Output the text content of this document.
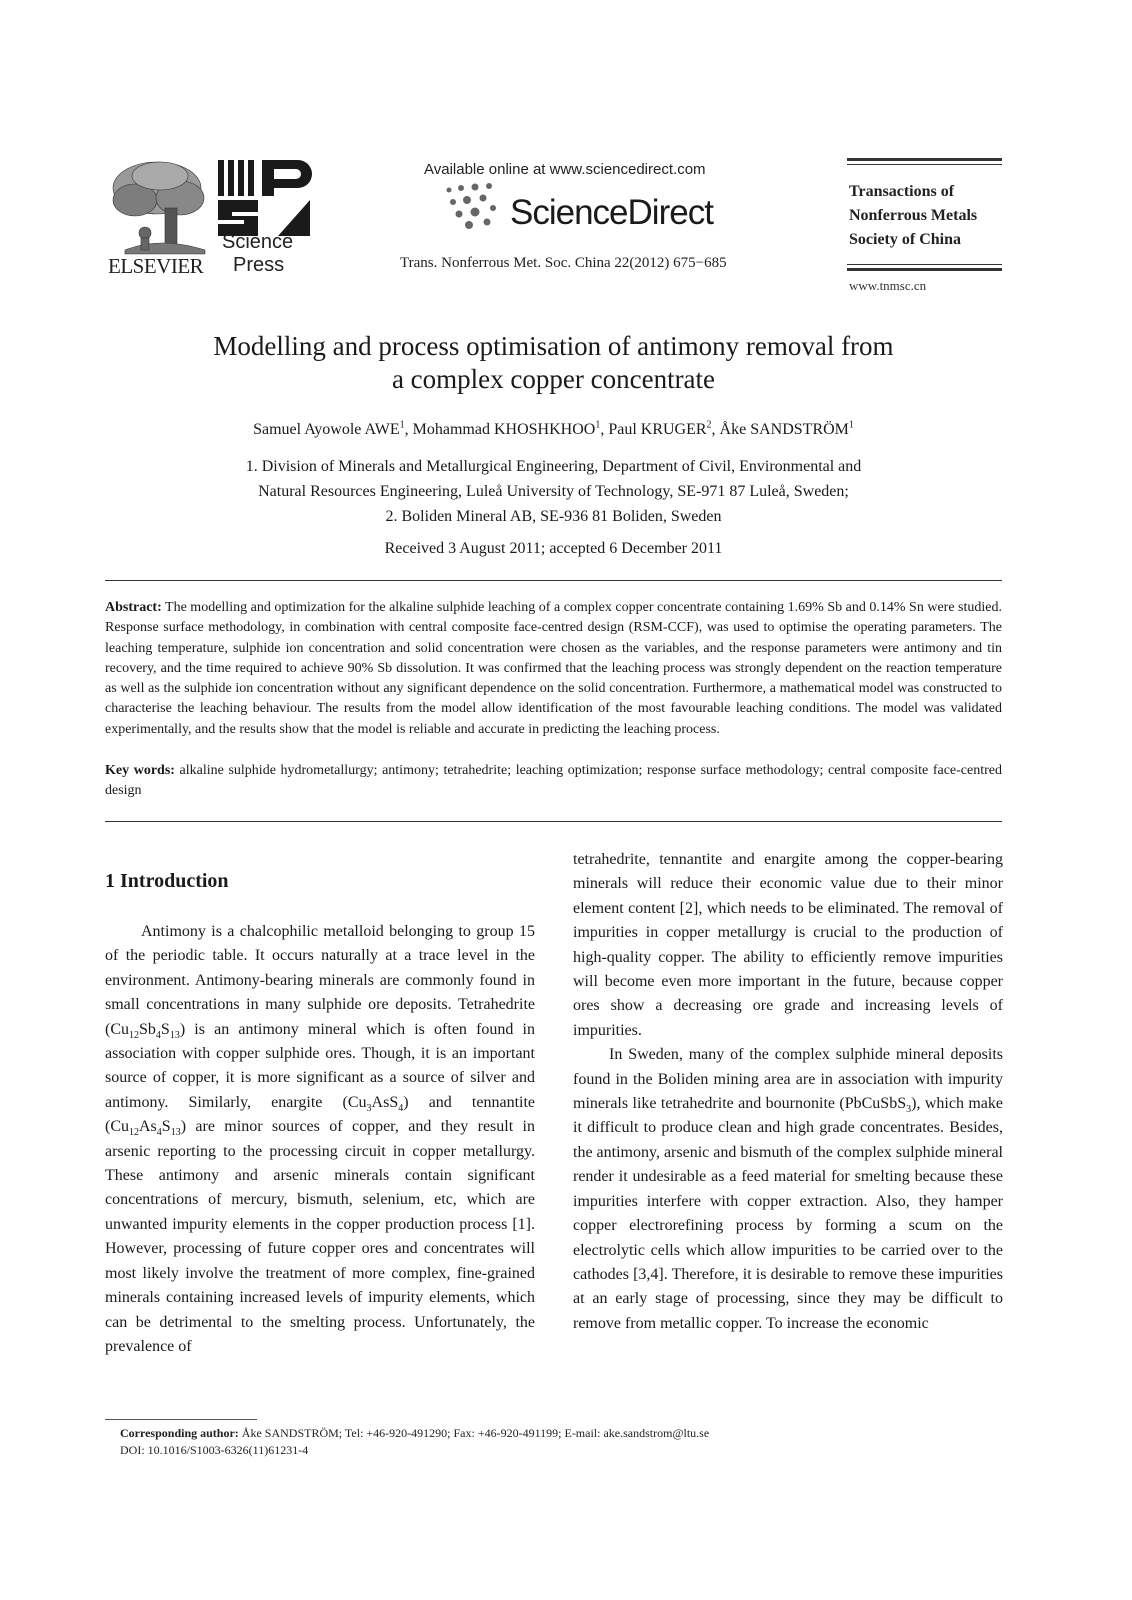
ELSEVIER
Science
Press
Available online at www.sciencedirect.com
ScienceDirect
Trans. Nonferrous Met. Soc. China 22(2012) 675−685
Transactions of
Nonferrous Metals
Society of China
www.tnmsc.cn
Modelling and process optimisation of antimony removal from
a complex copper concentrate
Samuel Ayowole AWE$^1$, Mohammad KHOSHKHOO$^1$, Paul KRUGER$^2$, Åke SANDSTRÖM$^1$
1. Division of Minerals and Metallurgical Engineering, Department of Civil, Environmental and
Natural Resources Engineering, Luleå University of Technology, SE-971 87 Luleå, Sweden;
2. Boliden Mineral AB, SE-936 81 Boliden, Sweden
Received 3 August 2011; accepted 6 December 2011
Abstract: The modelling and optimization for the alkaline sulphide leaching of a complex copper concentrate containing 1.69% Sb and 0.14% Sn were studied. Response surface methodology, in combination with central composite face-centred design (RSM-CCF), was used to optimise the operating parameters. The leaching temperature, sulphide ion concentration and solid concentration were chosen as the variables, and the response parameters were antimony and tin recovery, and the time required to achieve 90% Sb dissolution. It was confirmed that the leaching process was strongly dependent on the reaction temperature as well as the sulphide ion concentration without any significant dependence on the solid concentration. Furthermore, a mathematical model was constructed to characterise the leaching behaviour. The results from the model allow identification of the most favourable leaching conditions. The model was validated experimentally, and the results show that the model is reliable and accurate in predicting the leaching process.
Key words: alkaline sulphide hydrometallurgy; antimony; tetrahedrite; leaching optimization; response surface methodology; central composite face-centred design
1 Introduction

Antimony is a chalcophilic metalloid belonging to group 15 of the periodic table. It occurs naturally at a trace level in the environment. Antimony-bearing minerals are commonly found in small concentrations in many sulphide ore deposits. Tetrahedrite $(Cu_{12}Sb_4S_{13})$ is an antimony mineral which is often found in association with copper sulphide ores. Though, it is an important source of copper, it is more significant as a source of silver and antimony. Similarly, enargite $(Cu_3AsS_4)$ and tennantite $(Cu_{12}As_4S_{13})$ are minor sources of copper, and they result in arsenic reporting to the processing circuit in copper metallurgy. These antimony and arsenic minerals contain significant concentrations of mercury, bismuth, selenium, etc, which are unwanted impurity elements in the copper production process [1]. However, processing of future copper ores and concentrates will most likely involve the treatment of more complex, fine-grained minerals containing increased levels of impurity elements, which can be detrimental to the smelting process. Unfortunately, the prevalence of

tetrahedrite, tennantite and enargite among the copper-bearing minerals will reduce their economic value due to their minor element content [2], which needs to be eliminated. The removal of impurities in copper metallurgy is crucial to the production of high-quality copper. The ability to efficiently remove impurities will become even more important in the future, because copper ores show a decreasing ore grade and increasing levels of impurities.

In Sweden, many of the complex sulphide mineral deposits found in the Boliden mining area are in association with impurity minerals like tetrahedrite and bournonite (PbCuSbS$_3$), which make it difficult to produce clean and high grade concentrates. Besides, the antimony, arsenic and bismuth of the complex sulphide mineral render it undesirable as a feed material for smelting because these impurities interfere with copper extraction. Also, they hamper copper electrorefining process by forming a scum on the electrolytic cells which allow impurities to be carried over to the cathodes [3,4]. Therefore, it is desirable to remove these impurities at an early stage of processing, since they may be difficult to remove from metallic copper. To increase the economic

Corresponding author: Åke SANDSTRÖM; Tel: +46-920-491290; Fax: +46-920-491199; E-mail: ake.sandstrom@ltu.se
DOI: 10.1016/S1003-6326(11)61231-4
